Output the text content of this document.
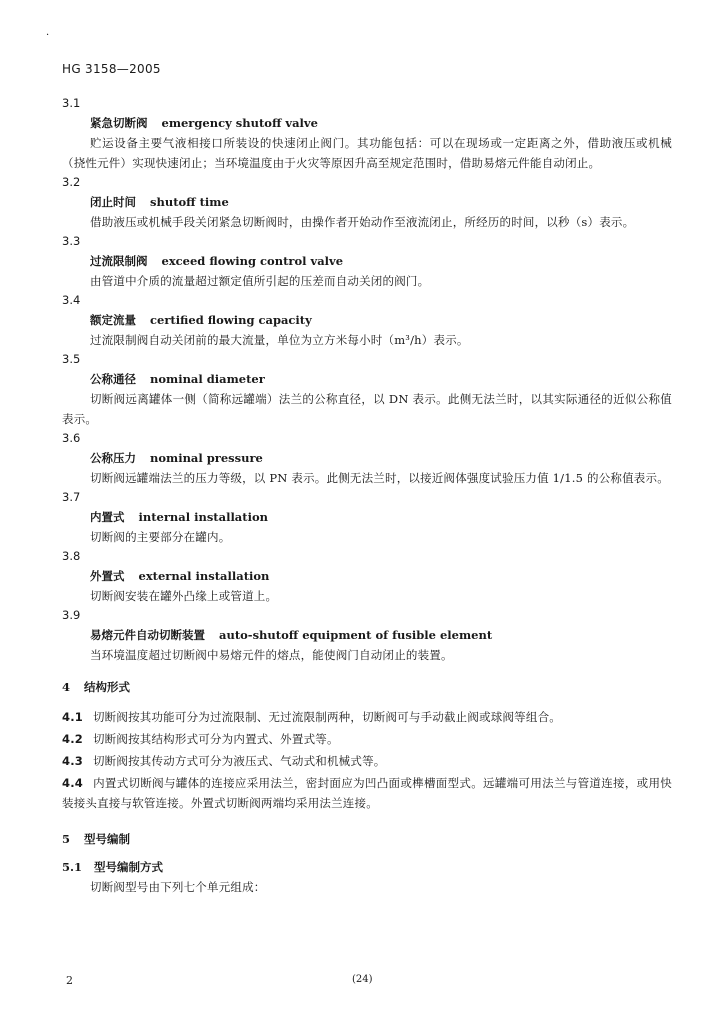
·
HG 3158—2005
3.1
紧急切断阀 emergency shutoff valve
贮运设备主要气液相接口所装设的快速闭止阀门。其功能包括：可以在现场或一定距离之外，借助液压或机械（挠性元件）实现快速闭止；当环境温度由于火灾等原因升高至规定范围时，借助易熔元件能自动闭止。
3.2
闭止时间 shutoff time
借助液压或机械手段关闭紧急切断阀时，由操作者开始动作至液流闭止，所经历的时间，以秒（s）表示。
3.3
过流限制阀 exceed flowing control valve
由管道中介质的流量超过额定值所引起的压差而自动关闭的阀门。
3.4
额定流量 certified flowing capacity
过流限制阀自动关闭前的最大流量，单位为立方米每小时（m³/h）表示。
3.5
公称通径 nominal diameter
切断阀远离罐体一侧（简称远罐端）法兰的公称直径，以 DN 表示。此侧无法兰时，以其实际通径的近似公称值表示。
3.6
公称压力 nominal pressure
切断阀远罐端法兰的压力等级，以 PN 表示。此侧无法兰时，以接近阀体强度试验压力值 1/1.5 的公称值表示。
3.7
内置式 internal installation
切断阀的主要部分在罐内。
3.8
外置式 external installation
切断阀安装在罐外凸缘上或管道上。
3.9
易熔元件自动切断装置 auto-shutoff equipment of fusible element
当环境温度超过切断阀中易熔元件的熔点，能使阀门自动闭止的装置。
4 结构形式
4.1 切断阀按其功能可分为过流限制、无过流限制两种，切断阀可与手动截止阀或球阀等组合。
4.2 切断阀按其结构形式可分为内置式、外置式等。
4.3 切断阀按其传动方式可分为液压式、气动式和机械式等。
4.4 内置式切断阀与罐体的连接应采用法兰，密封面应为凹凸面或榫槽面型式。远罐端可用法兰与管道连接，或用快装接头直接与软管连接。外置式切断阀两端均采用法兰连接。
5 型号编制
5.1 型号编制方式
切断阀型号由下列七个单元组成：
2	(24)
